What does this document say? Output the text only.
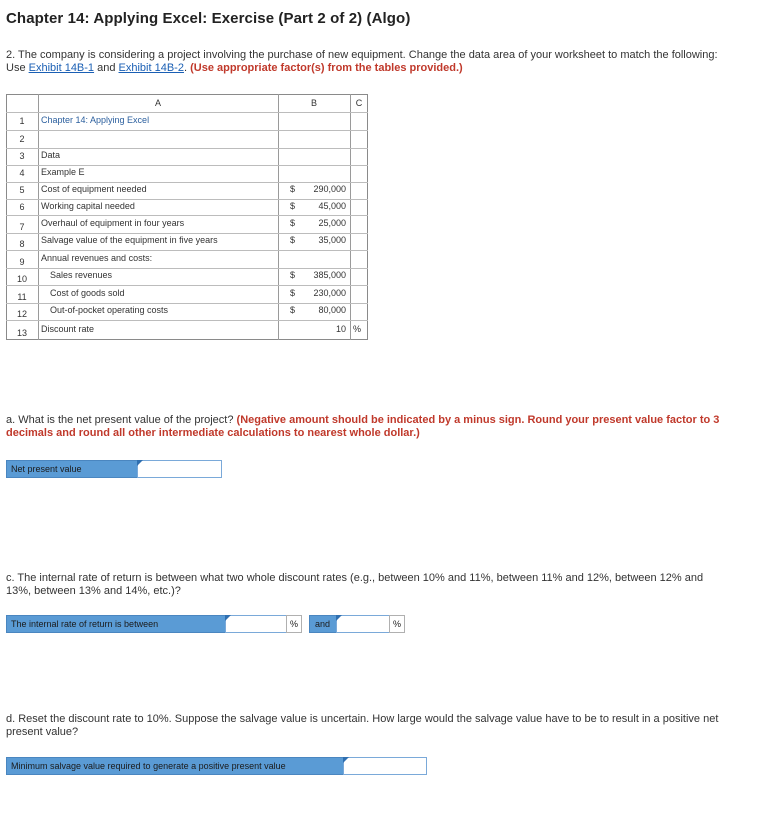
Chapter 14: Applying Excel: Exercise (Part 2 of 2) (Algo)
2. The company is considering a project involving the purchase of new equipment. Change the data area of your worksheet to match the following: Use Exhibit 14B-1 and Exhibit 14B-2. (Use appropriate factor(s) from the tables provided.)
A	B	C
1	Chapter 14: Applying Excel
2
3	Data
4	Example E
5	Cost of equipment needed	$	290,000
6	Working capital needed	$	45,000
7	Overhaul of equipment in four years	$	25,000
8	Salvage value of the equipment in five years	$	35,000
9	Annual revenues and costs:
10	Sales revenues	$	385,000
11	Cost of goods sold	$	230,000
12	Out-of-pocket operating costs	$	80,000
13	Discount rate	10 %
a. What is the net present value of the project? (Negative amount should be indicated by a minus sign. Round your present value factor to 3 decimals and round all other intermediate calculations to nearest whole dollar.)
Net present value
c. The internal rate of return is between what two whole discount rates (e.g., between 10% and 11%, between 11% and 12%, between 12% and 13%, between 13% and 14%, etc.)?
The internal rate of return is between	%	and	%
d. Reset the discount rate to 10%. Suppose the salvage value is uncertain. How large would the salvage value have to be to result in a positive net present value?
Minimum salvage value required to generate a positive present value
